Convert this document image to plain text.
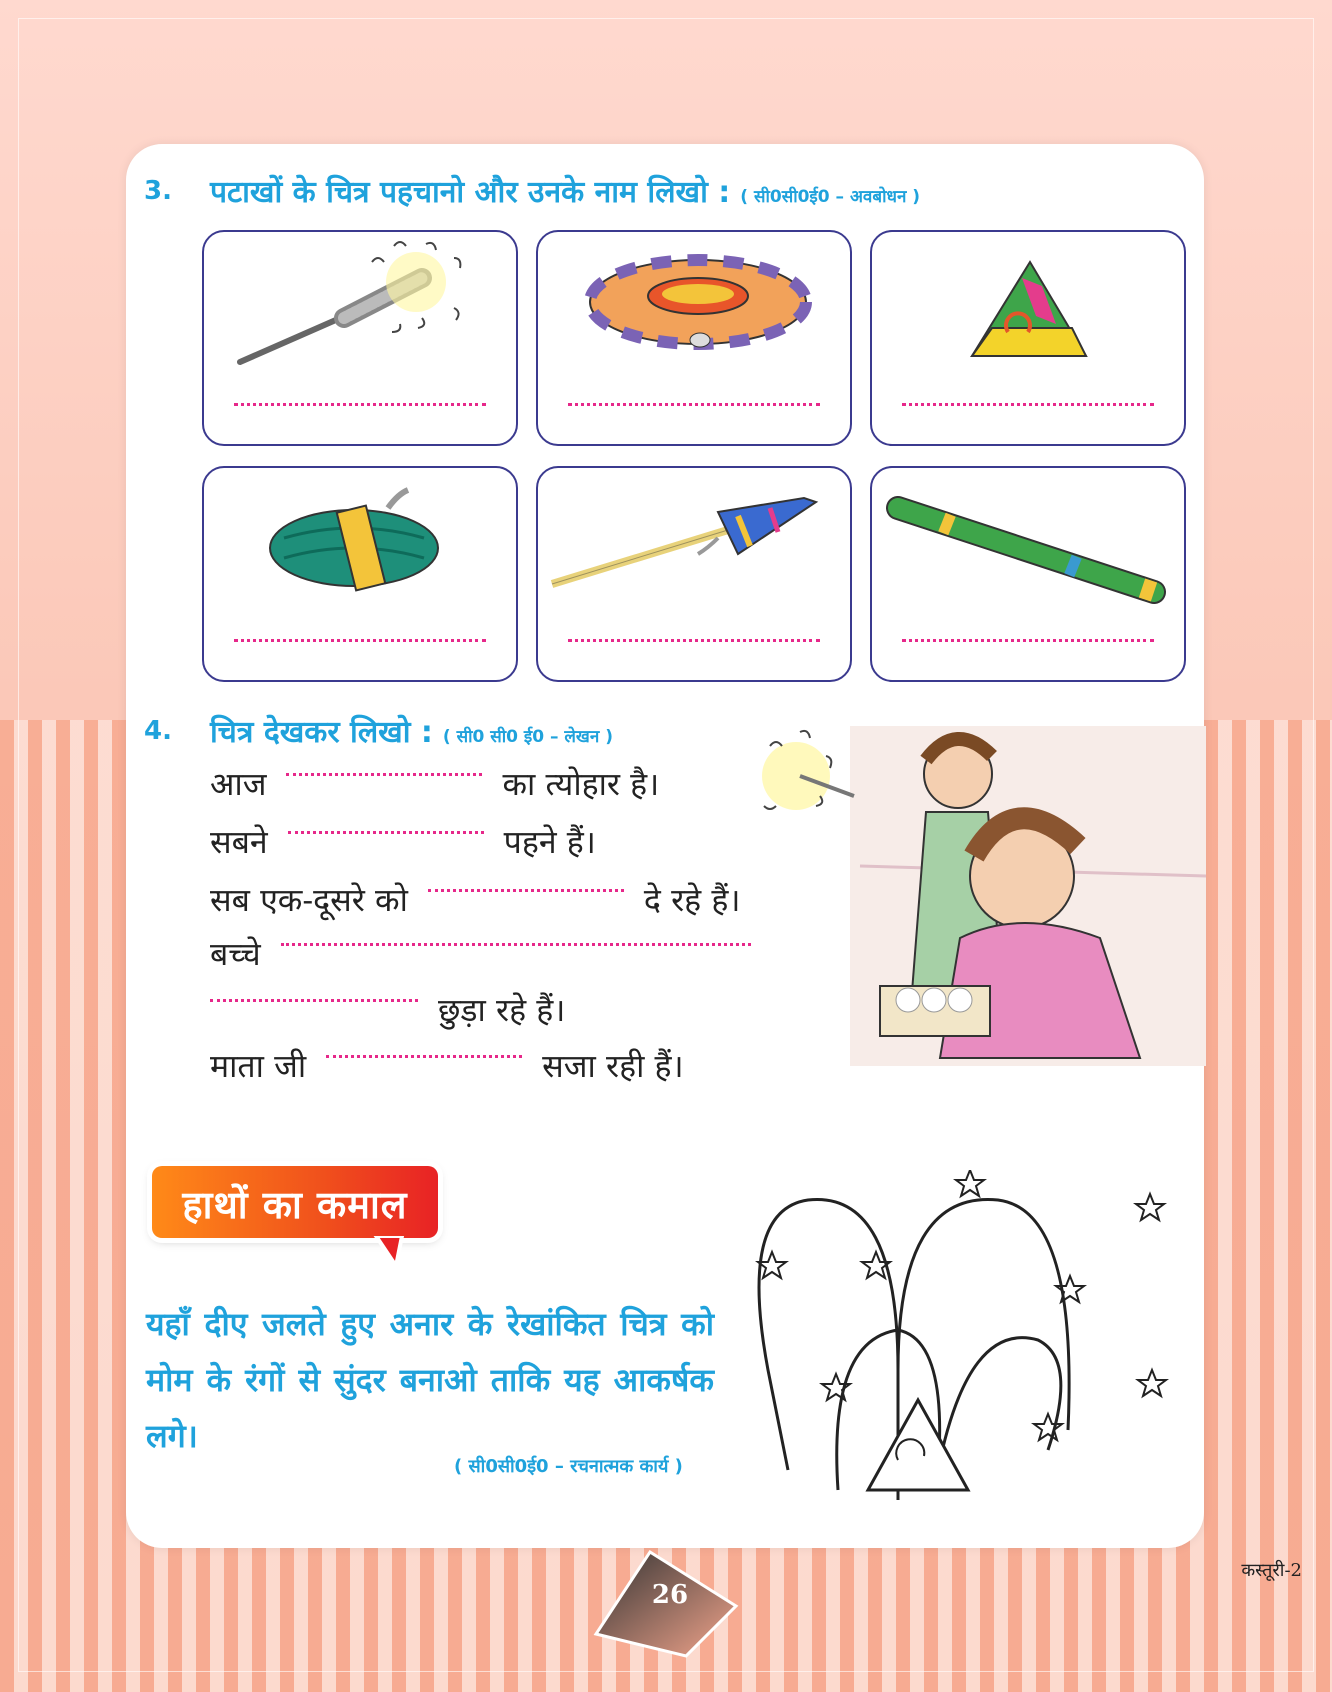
3. पटाखों के चित्र पहचानो और उनके नाम लिखो : ( सी0सी0ई0 – अवबोधन )
4. चित्र देखकर लिखो : ( सी0 सी0 ई0 – लेखन )
आज	का त्योहार है।
सबने	पहने हैं।
सब एक-दूसरे को	दे रहे हैं।
बच्चे
छुड़ा रहे हैं।
माता जी	सजा रही हैं।
हाथों का कमाल
यहाँ दीए जलते हुए अनार के रेखांकित चित्र को मोम के रंगों से सुंदर बनाओ ताकि यह आकर्षक लगे।
( सी0सी0ई0 – रचनात्मक कार्य )
26
कस्तूरी-2
